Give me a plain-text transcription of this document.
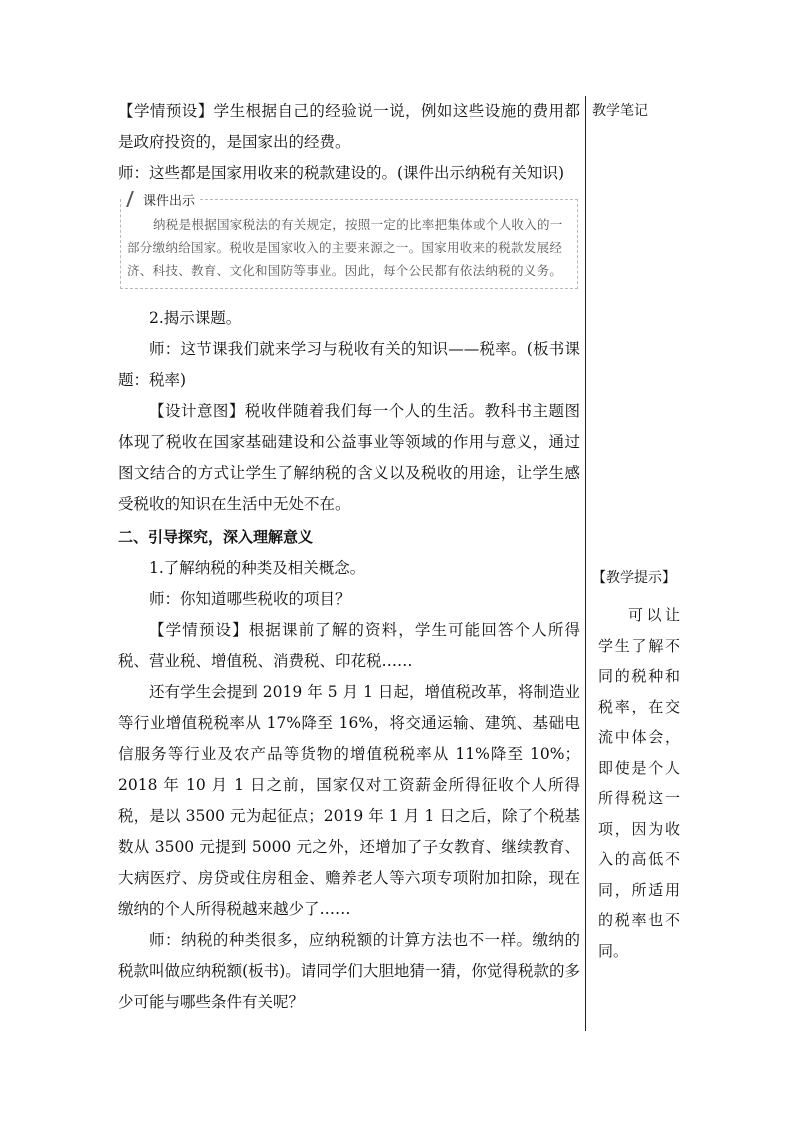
【学情预设】学生根据自己的经验说一说，例如这些设施的费用都是政府投资的，是国家出的经费。

师：这些都是国家用收来的税款建设的。(课件出示纳税有关知识)

课件出示

纳税是根据国家税法的有关规定，按照一定的比率把集体或个人收入的一部分缴纳给国家。税收是国家收入的主要来源之一。国家用收来的税款发展经济、科技、教育、文化和国防等事业。因此，每个公民都有依法纳税的义务。

2.揭示课题。

师：这节课我们就来学习与税收有关的知识——税率。(板书课题：税率)

【设计意图】税收伴随着我们每一个人的生活。教科书主题图体现了税收在国家基础建设和公益事业等领域的作用与意义，通过图文结合的方式让学生了解纳税的含义以及税收的用途，让学生感受税收的知识在生活中无处不在。

二、引导探究，深入理解意义

1.了解纳税的种类及相关概念。

师：你知道哪些税收的项目？

【学情预设】根据课前了解的资料，学生可能回答个人所得税、营业税、增值税、消费税、印花税……

还有学生会提到 2019 年 5 月 1 日起，增值税改革，将制造业等行业增值税税率从 17%降至 16%，将交通运输、建筑、基础电信服务等行业及农产品等货物的增值税税率从 11%降至 10%；2018 年 10 月 1 日之前，国家仅对工资薪金所得征收个人所得税，是以 3500 元为起征点；2019 年 1 月 1 日之后，除了个税基数从 3500 元提到 5000 元之外，还增加了子女教育、继续教育、大病医疗、房贷或住房租金、赡养老人等六项专项附加扣除，现在缴纳的个人所得税越来越少了……

师：纳税的种类很多，应纳税额的计算方法也不一样。缴纳的税款叫做应纳税额(板书)。请同学们大胆地猜一猜，你觉得税款的多少可能与哪些条件有关呢？

教学笔记
【教学提示】

可以让学生了解不同的税种和税率，在交流中体会，即使是个人所得税这一项，因为收入的高低不同，所适用的税率也不同。
